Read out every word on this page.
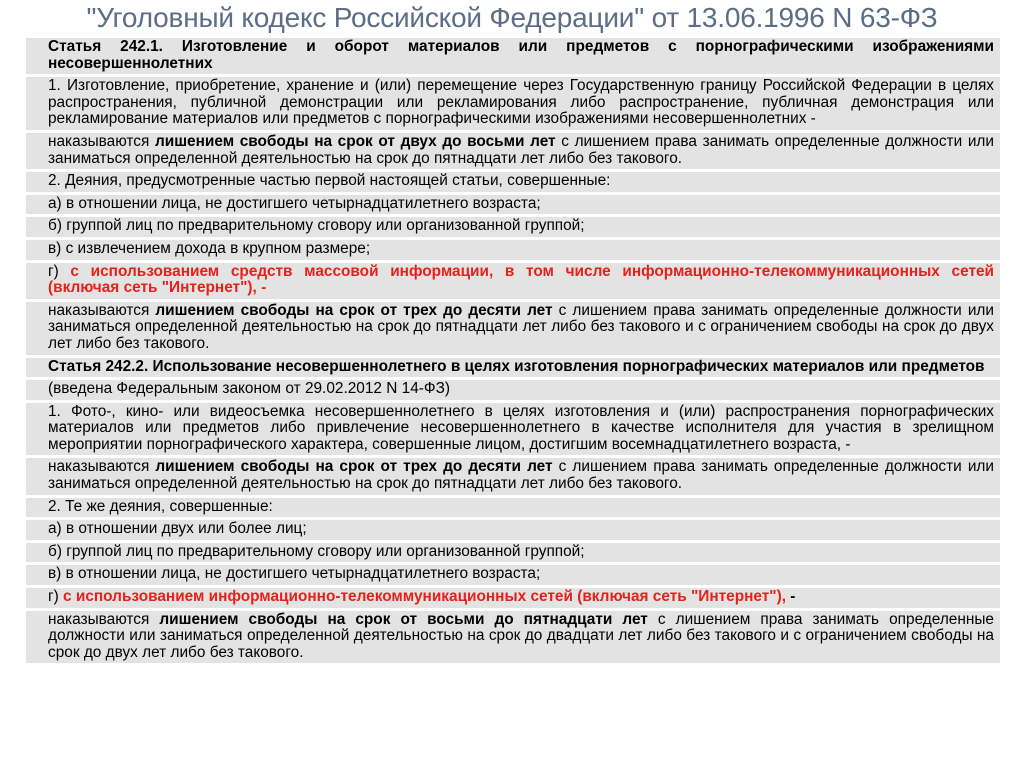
"Уголовный кодекс Российской Федерации" от 13.06.1996 N 63-ФЗ
Статья 242.1. Изготовление и оборот материалов или предметов с порнографическими изображениями несовершеннолетних
1. Изготовление, приобретение, хранение и (или) перемещение через Государственную границу Российской Федерации в целях распространения, публичной демонстрации или рекламирования либо распространение, публичная демонстрация или рекламирование материалов или предметов с порнографическими изображениями несовершеннолетних -
наказываются лишением свободы на срок от двух до восьми лет с лишением права занимать определенные должности или заниматься определенной деятельностью на срок до пятнадцати лет либо без такового.
2. Деяния, предусмотренные частью первой настоящей статьи, совершенные:
а) в отношении лица, не достигшего четырнадцатилетнего возраста;
б) группой лиц по предварительному сговору или организованной группой;
в) с извлечением дохода в крупном размере;
г) с использованием средств массовой информации, в том числе информационно-телекоммуникационных сетей (включая сеть "Интернет"), -
наказываются лишением свободы на срок от трех до десяти лет с лишением права занимать определенные должности или заниматься определенной деятельностью на срок до пятнадцати лет либо без такового и с ограничением свободы на срок до двух лет либо без такового.
Статья 242.2. Использование несовершеннолетнего в целях изготовления порнографических материалов или предметов
(введена Федеральным законом от 29.02.2012 N 14-ФЗ)
1. Фото-, кино- или видеосъемка несовершеннолетнего в целях изготовления и (или) распространения порнографических материалов или предметов либо привлечение несовершеннолетнего в качестве исполнителя для участия в зрелищном мероприятии порнографического характера, совершенные лицом, достигшим восемнадцатилетнего возраста, -
наказываются лишением свободы на срок от трех до десяти лет с лишением права занимать определенные должности или заниматься определенной деятельностью на срок до пятнадцати лет либо без такового.
2. Те же деяния, совершенные:
а) в отношении двух или более лиц;
б) группой лиц по предварительному сговору или организованной группой;
в) в отношении лица, не достигшего четырнадцатилетнего возраста;
г) с использованием информационно-телекоммуникационных сетей (включая сеть "Интернет"), -
наказываются лишением свободы на срок от восьми до пятнадцати лет с лишением права занимать определенные должности или заниматься определенной деятельностью на срок до двадцати лет либо без такового и с ограничением свободы на срок до двух лет либо без такового.
